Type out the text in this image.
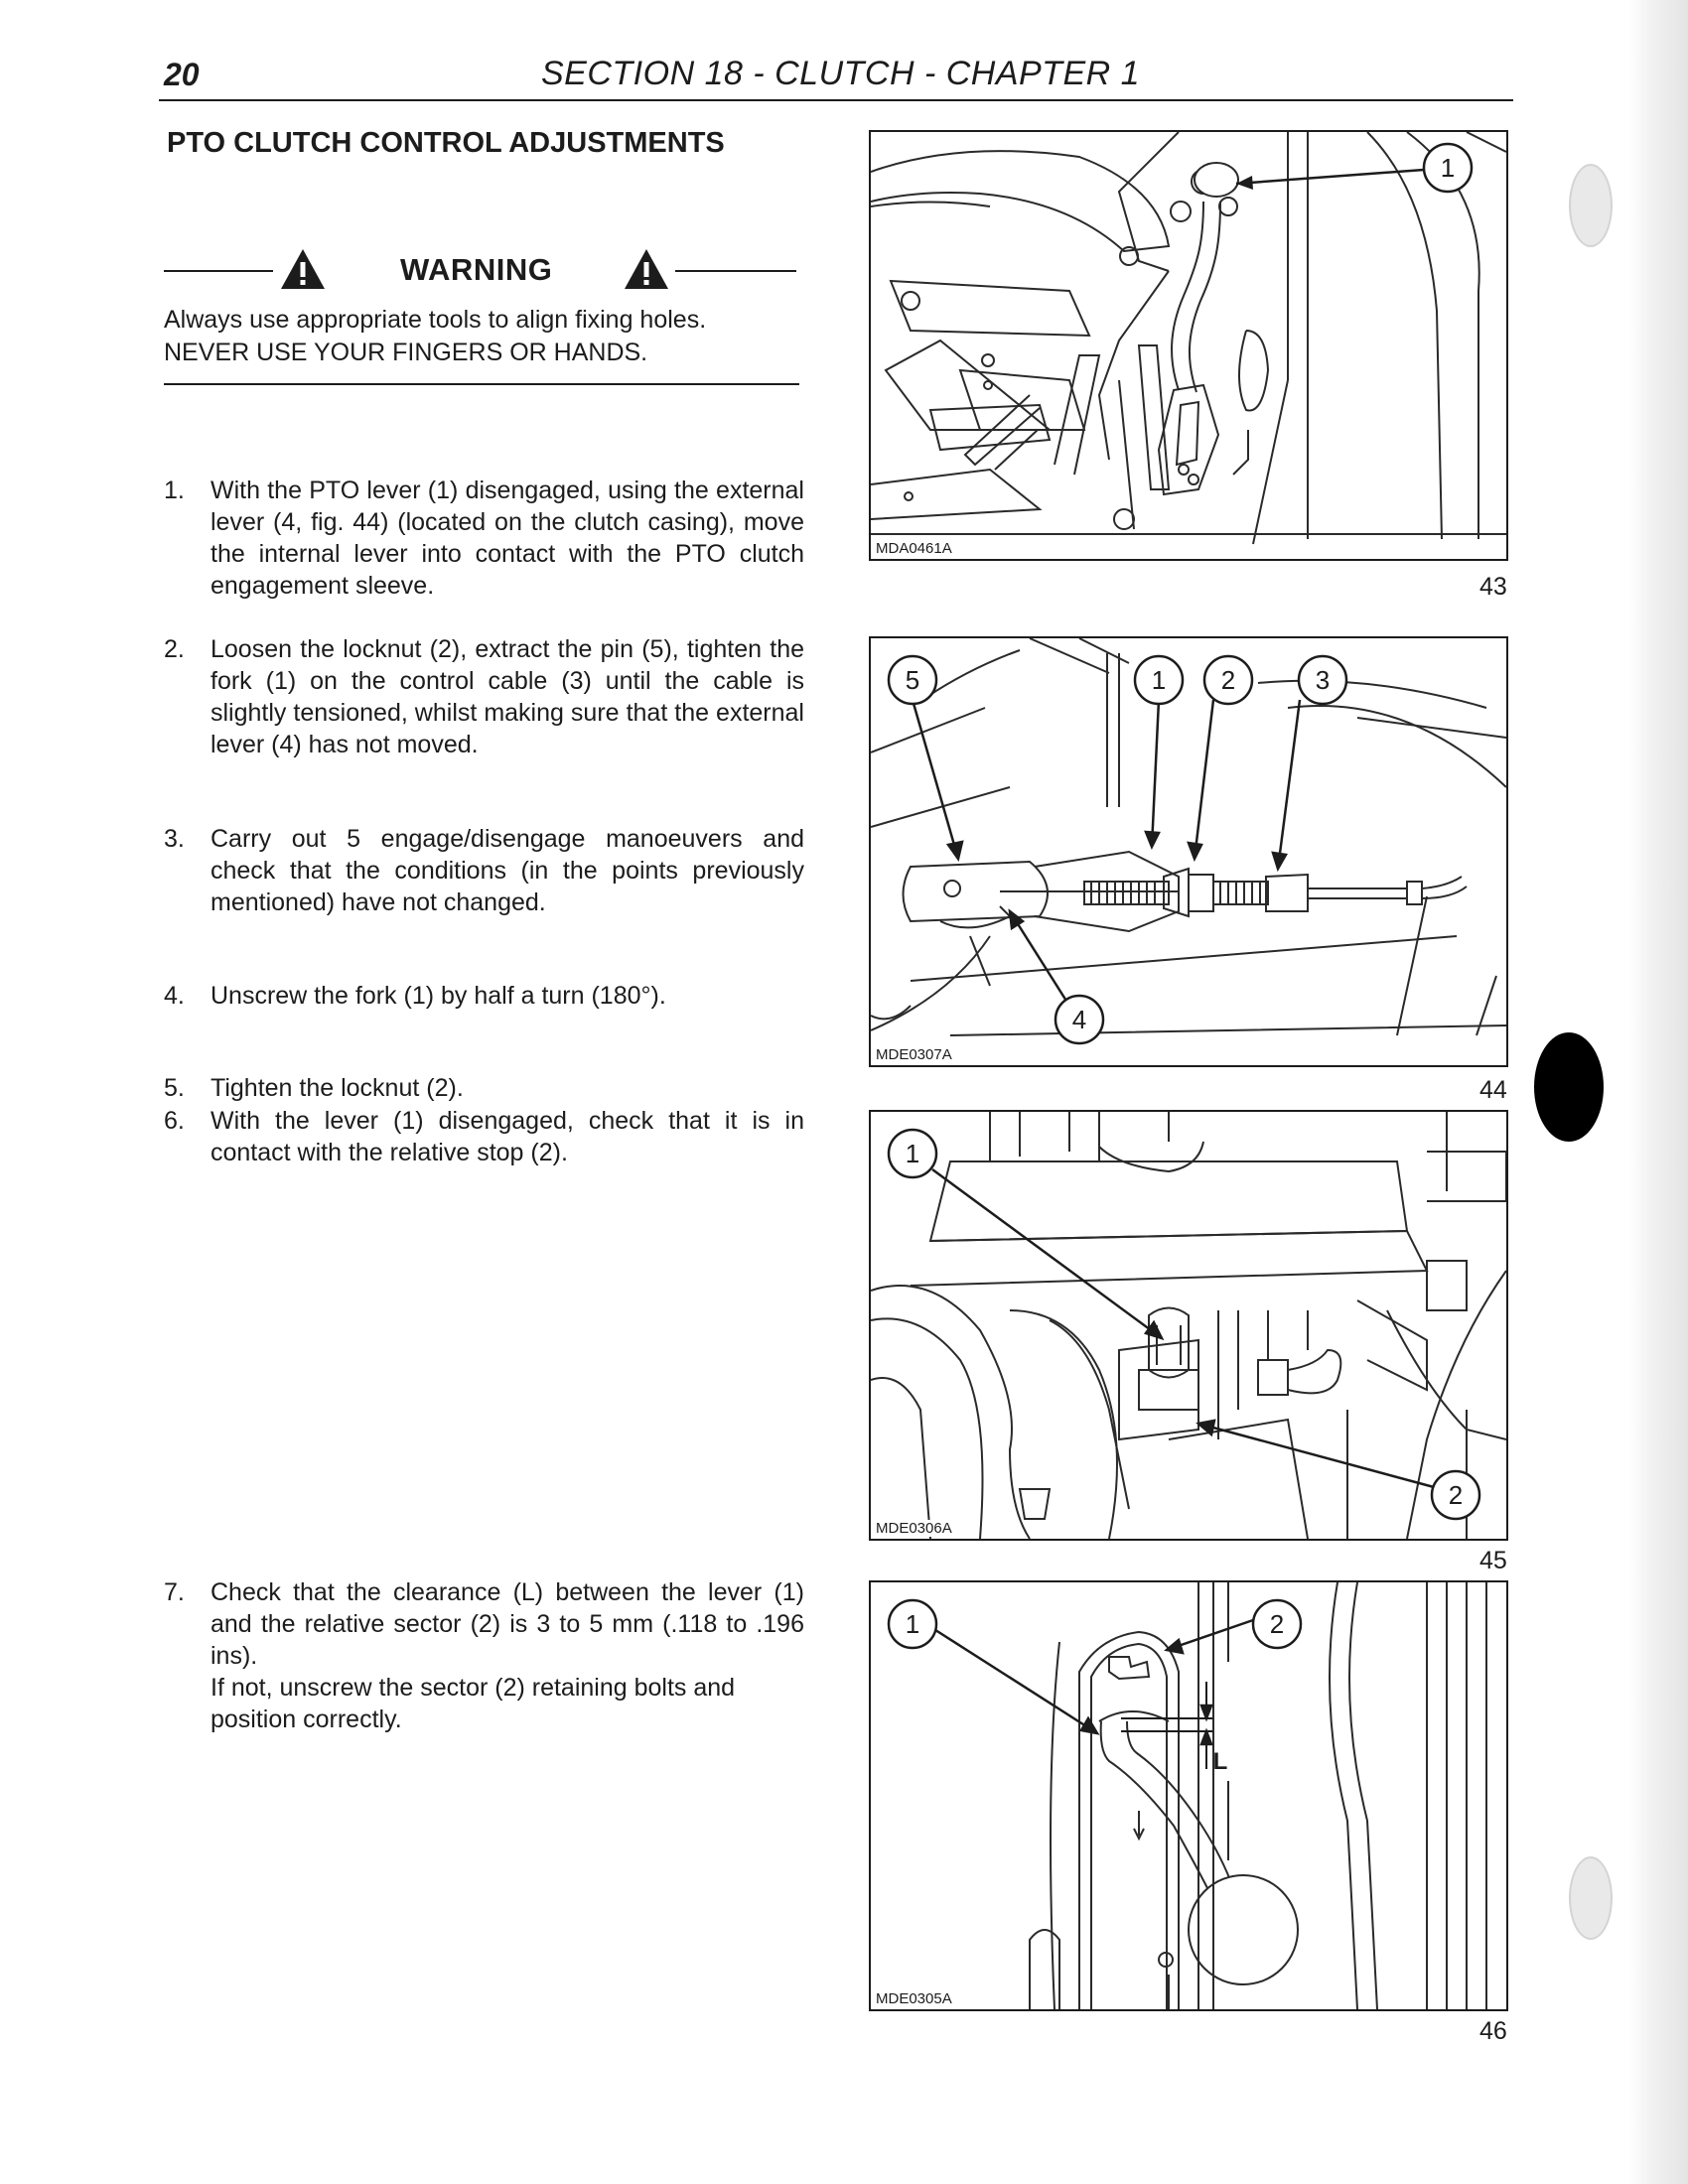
20	SECTION 18 - CLUTCH - CHAPTER 1
PTO CLUTCH CONTROL ADJUSTMENTS
WARNING
Always use appropriate tools to align fixing holes.
NEVER USE YOUR FINGERS OR HANDS.
1. With the PTO lever (1) disengaged, using the external lever (4, fig. 44) (located on the clutch casing), move the internal lever into contact with the PTO clutch engagement sleeve.
2. Loosen the locknut (2), extract the pin (5), tighten the fork (1) on the control cable (3) until the cable is slightly tensioned, whilst making sure that the external lever (4) has not moved.
3. Carry out 5 engage/disengage manoeuvers and check that the conditions (in the points previously mentioned) have not changed.
4. Unscrew the fork (1) by half a turn (180°).
5. Tighten the locknut (2).
6. With the lever (1) disengaged, check that it is in contact with the relative stop (2).
7. Check that the clearance (L) between the lever (1) and the relative sector (2) is 3 to 5 mm (.118 to .196 ins).
If not, unscrew the sector (2) retaining bolts and position correctly.
1
MDA0461A
43
5	1 2	3
4
MDE0307A
44
1
2
MDE0306A
45
L
1	2
MDE0305A
46
